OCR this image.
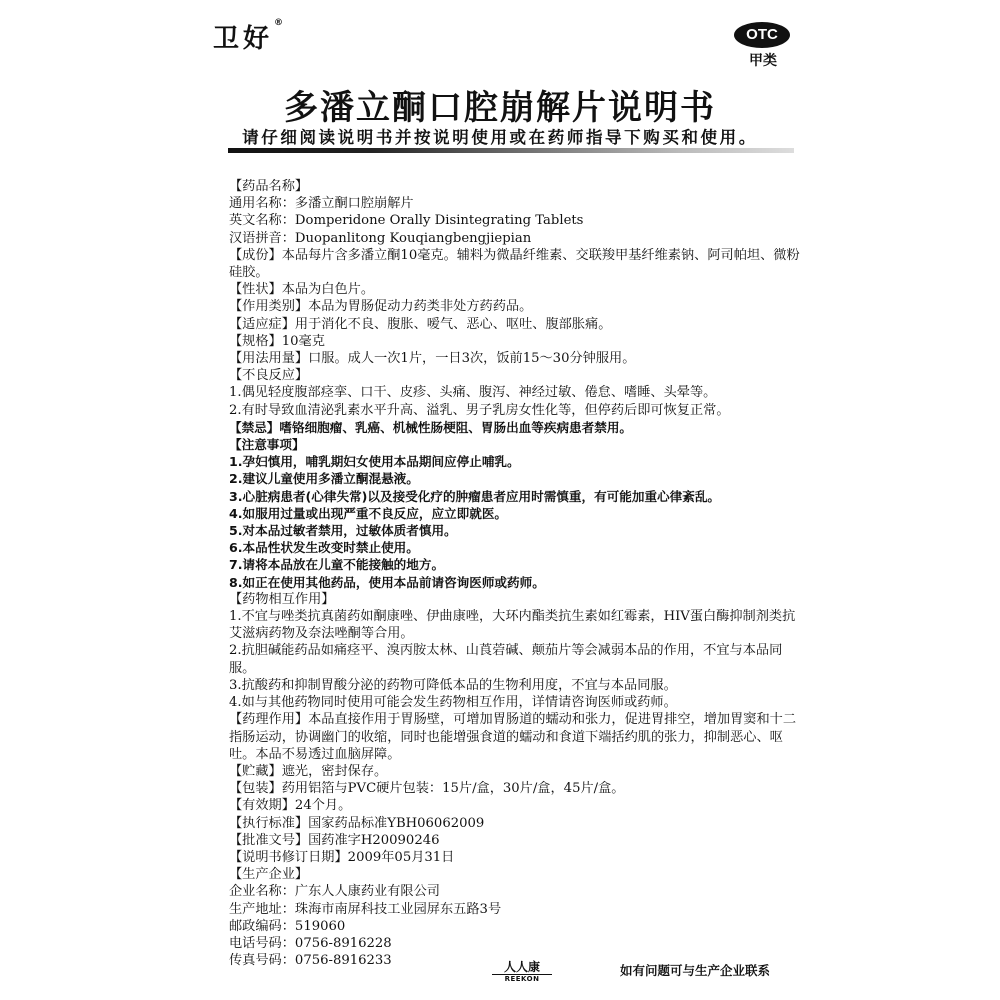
卫好®
OTC
甲类
多潘立酮口腔崩解片说明书
请仔细阅读说明书并按说明使用或在药师指导下购买和使用。
【药品名称】
通用名称：多潘立酮口腔崩解片
英文名称：Domperidone Orally Disintegrating Tablets
汉语拼音：Duopanlitong Kouqiangbengjiepian
【成份】本品每片含多潘立酮10毫克。辅料为微晶纤维素、交联羧甲基纤维素钠、阿司帕坦、微粉硅胶。
【性状】本品为白色片。
【作用类别】本品为胃肠促动力药类非处方药药品。
【适应症】用于消化不良、腹胀、嗳气、恶心、呕吐、腹部胀痛。
【规格】10毫克
【用法用量】口服。成人一次1片，一日3次，饭前15～30分钟服用。
【不良反应】
1.偶见轻度腹部痉挛、口干、皮疹、头痛、腹泻、神经过敏、倦怠、嗜睡、头晕等。
2.有时导致血清泌乳素水平升高、溢乳、男子乳房女性化等，但停药后即可恢复正常。
【禁忌】嗜铬细胞瘤、乳癌、机械性肠梗阻、胃肠出血等疾病患者禁用。
【注意事项】
1.孕妇慎用，哺乳期妇女使用本品期间应停止哺乳。
2.建议儿童使用多潘立酮混悬液。
3.心脏病患者(心律失常)以及接受化疗的肿瘤患者应用时需慎重，有可能加重心律紊乱。
4.如服用过量或出现严重不良反应，应立即就医。
5.对本品过敏者禁用，过敏体质者慎用。
6.本品性状发生改变时禁止使用。
7.请将本品放在儿童不能接触的地方。
8.如正在使用其他药品，使用本品前请咨询医师或药师。
【药物相互作用】
1.不宜与唑类抗真菌药如酮康唑、伊曲康唑，大环内酯类抗生素如红霉素，HIV蛋白酶抑制剂类抗艾滋病药物及奈法唑酮等合用。
2.抗胆碱能药品如痛痉平、溴丙胺太林、山莨菪碱、颠茄片等会减弱本品的作用，不宜与本品同服。
3.抗酸药和抑制胃酸分泌的药物可降低本品的生物利用度，不宜与本品同服。
4.如与其他药物同时使用可能会发生药物相互作用，详情请咨询医师或药师。
【药理作用】本品直接作用于胃肠壁，可增加胃肠道的蠕动和张力，促进胃排空，增加胃窦和十二指肠运动，协调幽门的收缩，同时也能增强食道的蠕动和食道下端括约肌的张力，抑制恶心、呕吐。本品不易透过血脑屏障。
【贮藏】遮光，密封保存。
【包装】药用铝箔与PVC硬片包装：15片/盒，30片/盒，45片/盒。
【有效期】24个月。
【执行标准】国家药品标准YBH06062009
【批准文号】国药准字H20090246
【说明书修订日期】2009年05月31日
【生产企业】
企业名称：广东人人康药业有限公司
生产地址：珠海市南屏科技工业园屏东五路3号
邮政编码：519060
电话号码：0756-8916228
传真号码：0756-8916233	人人康
REEKON
如有问题可与生产企业联系
